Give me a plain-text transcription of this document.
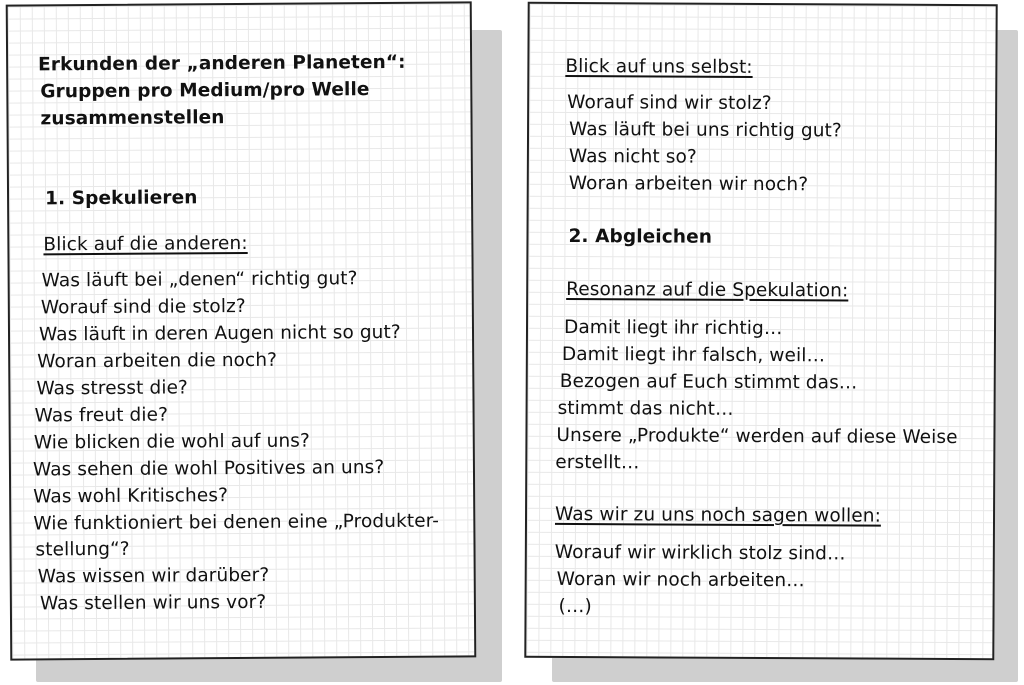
Erkunden der „anderen Planeten“:
Gruppen pro Medium/pro Welle
zusammenstellen
1. Spekulieren
Blick auf die anderen:
Was läuft bei „denen“ richtig gut?
Worauf sind die stolz?
Was läuft in deren Augen nicht so gut?
Woran arbeiten die noch?
Was stresst die?
Was freut die?
Wie blicken die wohl auf uns?
Was sehen die wohl Positives an uns?
Was wohl Kritisches?
Wie funktioniert bei denen eine „Produkter-
stellung“?
Was wissen wir darüber?
Was stellen wir uns vor?
Blick auf uns selbst:
Worauf sind wir stolz?
Was läuft bei uns richtig gut?
Was nicht so?
Woran arbeiten wir noch?
2. Abgleichen
Resonanz auf die Spekulation:
Damit liegt ihr richtig…
Damit liegt ihr falsch, weil…
Bezogen auf Euch stimmt das…
stimmt das nicht…
Unsere „Produkte“ werden auf diese Weise
erstellt…
Was wir zu uns noch sagen wollen:
Worauf wir wirklich stolz sind…
Woran wir noch arbeiten…
(…)
